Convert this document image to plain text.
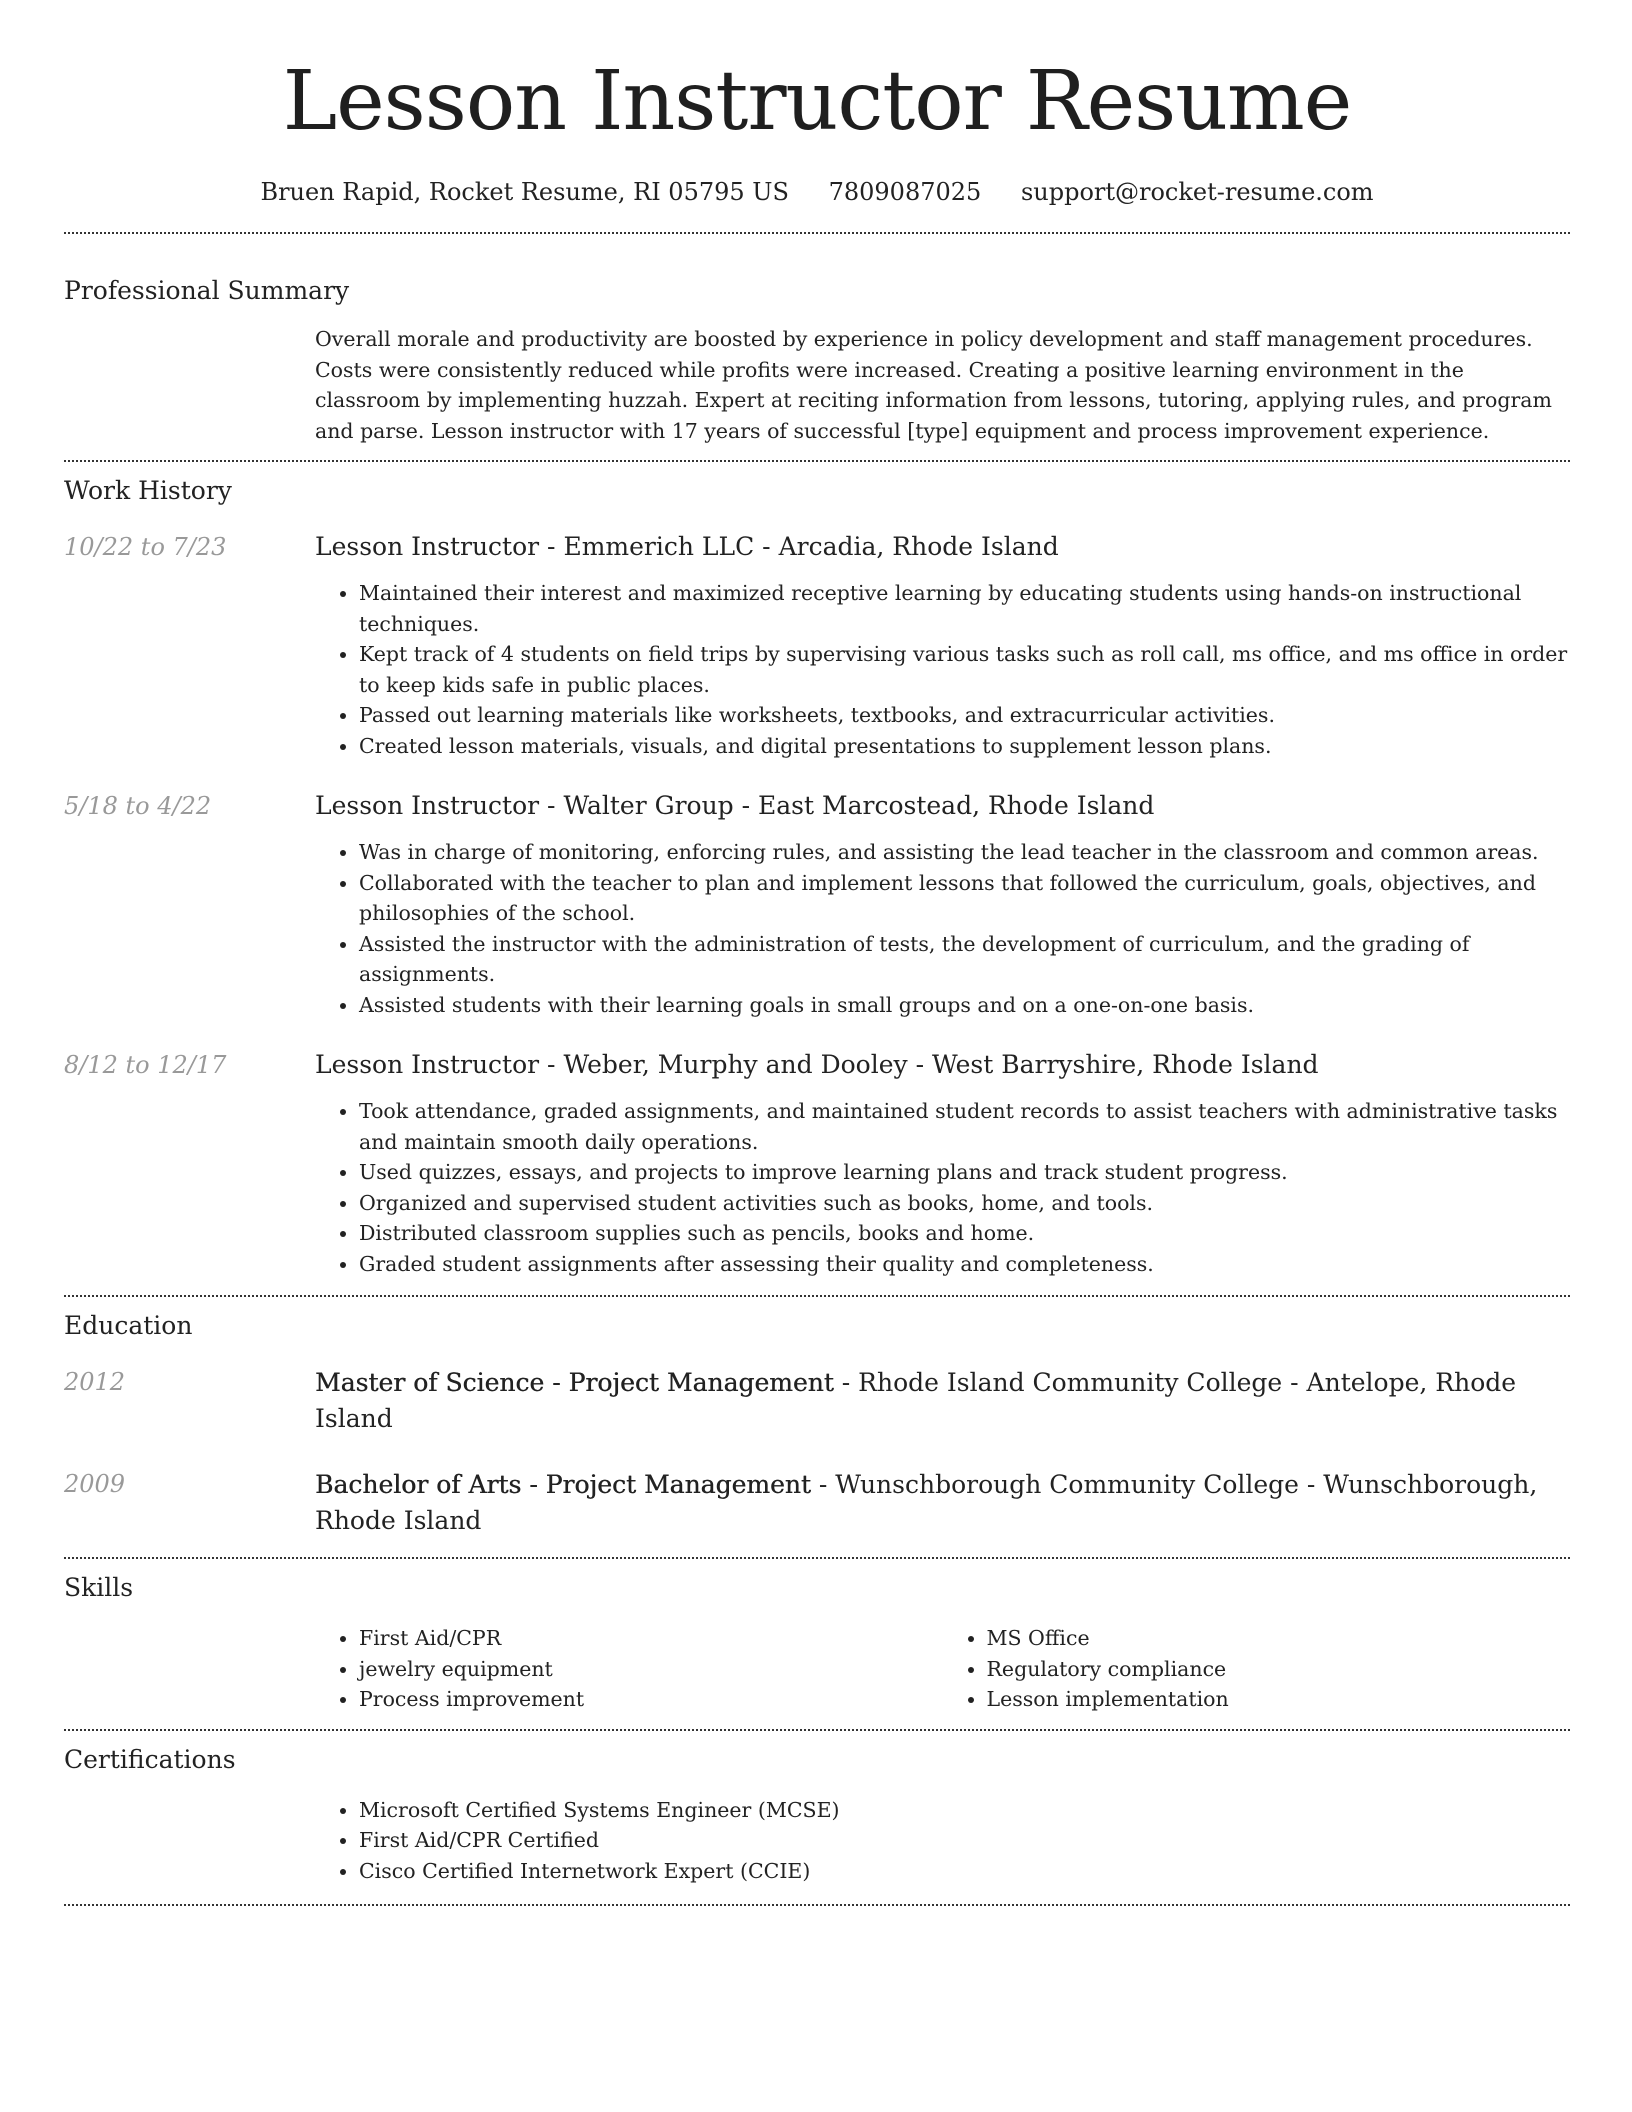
Lesson Instructor Resume
Bruen Rapid, Rocket Resume, RI 05795 US 7809087025 support@rocket-resume.com
Professional Summary
Overall morale and productivity are boosted by experience in policy development and staff management procedures. Costs were consistently reduced while profits were increased. Creating a positive learning environment in the classroom by implementing huzzah. Expert at reciting information from lessons, tutoring, applying rules, and program and parse. Lesson instructor with 17 years of successful [type] equipment and process improvement experience.
Work History
10/22 to 7/23	Lesson Instructor - Emmerich LLC - Arcadia, Rhode Island
• Maintained their interest and maximized receptive learning by educating students using hands-on instructional techniques.
• Kept track of 4 students on field trips by supervising various tasks such as roll call, ms office, and ms office in order to keep kids safe in public places.
• Passed out learning materials like worksheets, textbooks, and extracurricular activities.
• Created lesson materials, visuals, and digital presentations to supplement lesson plans.
5/18 to 4/22	Lesson Instructor - Walter Group - East Marcostead, Rhode Island
• Was in charge of monitoring, enforcing rules, and assisting the lead teacher in the classroom and common areas.
• Collaborated with the teacher to plan and implement lessons that followed the curriculum, goals, objectives, and philosophies of the school.
• Assisted the instructor with the administration of tests, the development of curriculum, and the grading of assignments.
• Assisted students with their learning goals in small groups and on a one-on-one basis.
8/12 to 12/17	Lesson Instructor - Weber, Murphy and Dooley - West Barryshire, Rhode Island
• Took attendance, graded assignments, and maintained student records to assist teachers with administrative tasks and maintain smooth daily operations.
• Used quizzes, essays, and projects to improve learning plans and track student progress.
• Organized and supervised student activities such as books, home, and tools.
• Distributed classroom supplies such as pencils, books and home.
• Graded student assignments after assessing their quality and completeness.
Education
2012	Master of Science - Project Management - Rhode Island Community College - Antelope, Rhode Island
2009	Bachelor of Arts - Project Management - Wunschborough Community College - Wunschborough, Rhode Island
Skills
• First Aid/CPR
• jewelry equipment
• Process improvement
• MS Office
• Regulatory compliance
• Lesson implementation
Certifications
• Microsoft Certified Systems Engineer (MCSE)
• First Aid/CPR Certified
• Cisco Certified Internetwork Expert (CCIE)
